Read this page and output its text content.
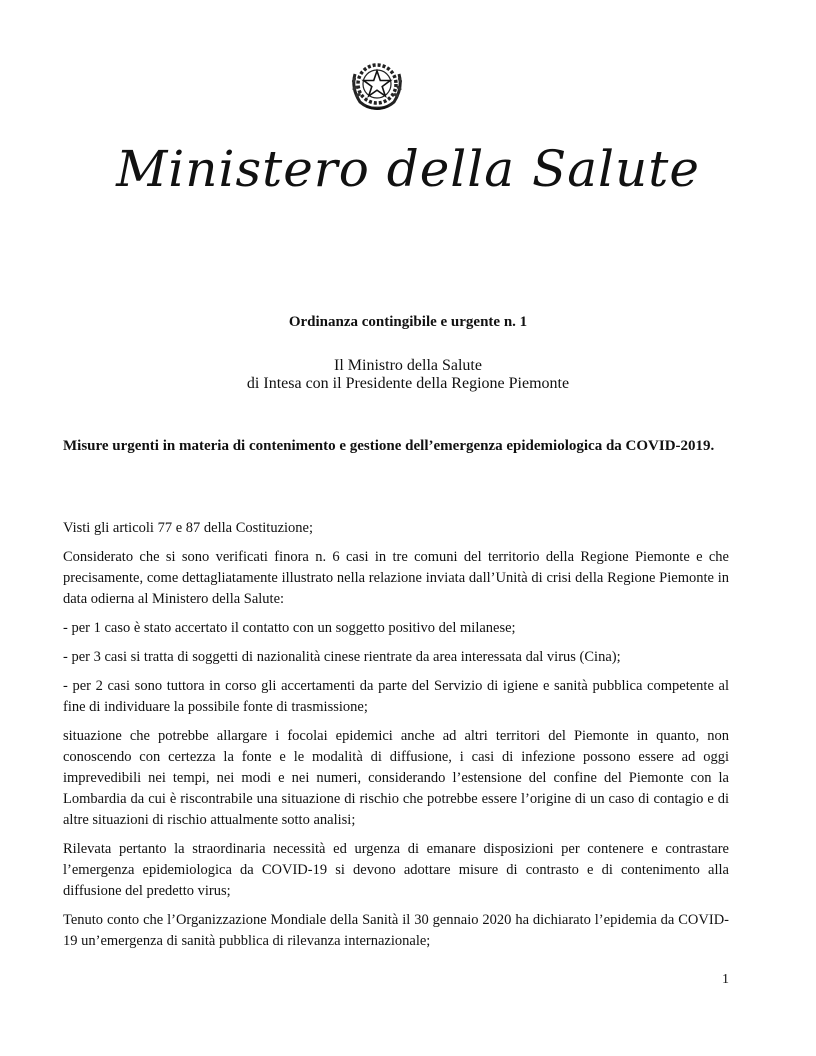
Ministero della Salute
Ordinanza contingibile e urgente n. 1
Il Ministro della Salute
di Intesa con il Presidente della Regione Piemonte
Misure urgenti in materia di contenimento e gestione dell’emergenza epidemiologica da COVID-2019.

Visti gli articoli 77 e 87 della Costituzione;

Considerato che si sono verificati finora n. 6 casi in tre comuni del territorio della Regione Piemonte e che precisamente, come dettagliatamente illustrato nella relazione inviata dall’Unità di crisi della Regione Piemonte in data odierna al Ministero della Salute:

- per 1 caso è stato accertato il contatto con un soggetto positivo del milanese;

- per 3 casi si tratta di soggetti di nazionalità cinese rientrate da area interessata dal virus (Cina);

- per 2 casi sono tuttora in corso gli accertamenti da parte del Servizio di igiene e sanità pubblica competente al fine di individuare la possibile fonte di trasmissione;

situazione che potrebbe allargare i focolai epidemici anche ad altri territori del Piemonte in quanto, non conoscendo con certezza la fonte e le modalità di diffusione, i casi di infezione possono essere ad oggi imprevedibili nei tempi, nei modi e nei numeri, considerando l’estensione del confine del Piemonte con la Lombardia da cui è riscontrabile una situazione di rischio che potrebbe essere l’origine di un caso di contagio e di altre situazioni di rischio attualmente sotto analisi;

Rilevata pertanto la straordinaria necessità ed urgenza di emanare disposizioni per contenere e contrastare l’emergenza epidemiologica da COVID-19 si devono adottare misure di contrasto e di contenimento alla diffusione del predetto virus;

Tenuto conto che l’Organizzazione Mondiale della Sanità il 30 gennaio 2020 ha dichiarato l’epidemia da COVID-19 un’emergenza di sanità pubblica di rilevanza internazionale;

1
